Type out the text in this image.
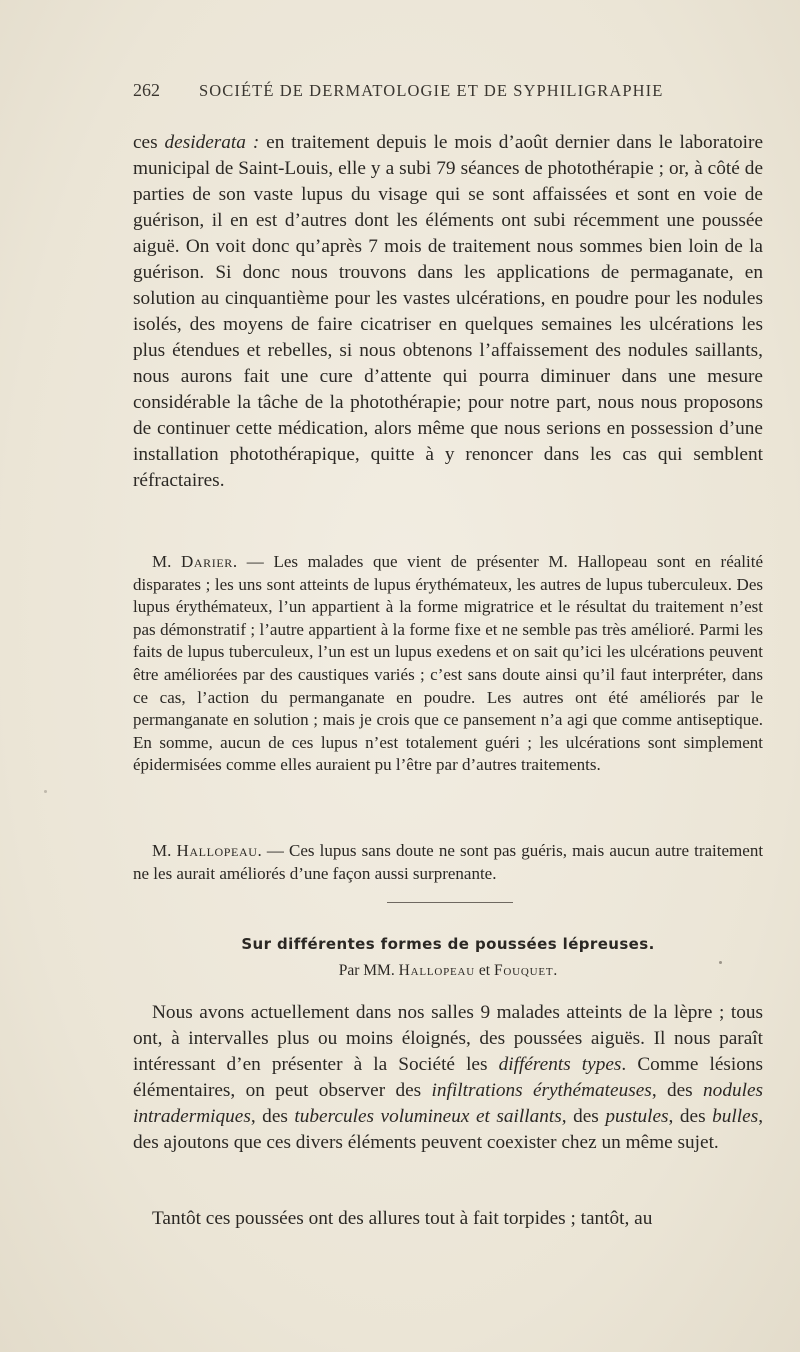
262 SOCIÉTÉ DE DERMATOLOGIE ET DE SYPHILIGRAPHIE

ces desiderata : en traitement depuis le mois d’août dernier dans le laboratoire municipal de Saint-Louis, elle y a subi 79 séances de photothérapie ; or, à côté de parties de son vaste lupus du visage qui se sont affaissées et sont en voie de guérison, il en est d’autres dont les éléments ont subi récemment une poussée aiguë. On voit donc qu’après 7 mois de traitement nous sommes bien loin de la guérison. Si donc nous trouvons dans les applications de permaganate, en solution au cinquantième pour les vastes ulcérations, en poudre pour les nodules isolés, des moyens de faire cicatriser en quelques semaines les ulcérations les plus étendues et rebelles, si nous obtenons l’affaissement des nodules saillants, nous aurons fait une cure d’attente qui pourra diminuer dans une mesure considérable la tâche de la photothérapie; pour notre part, nous nous proposons de continuer cette médication, alors même que nous serions en possession d’une installation photothérapique, quitte à y renoncer dans les cas qui semblent réfractaires.

M. Darier. — Les malades que vient de présenter M. Hallopeau sont en réalité disparates ; les uns sont atteints de lupus érythémateux, les autres de lupus tuberculeux. Des lupus érythémateux, l’un appartient à la forme migratrice et le résultat du traitement n’est pas démonstratif ; l’autre appartient à la forme fixe et ne semble pas très amélioré. Parmi les faits de lupus tuberculeux, l’un est un lupus exedens et on sait qu’ici les ulcérations peuvent être améliorées par des caustiques variés ; c’est sans doute ainsi qu’il faut interpréter, dans ce cas, l’action du permanganate en poudre. Les autres ont été améliorés par le permanganate en solution ; mais je crois que ce pansement n’a agi que comme antiseptique. En somme, aucun de ces lupus n’est totalement guéri ; les ulcérations sont simplement épidermisées comme elles auraient pu l’être par d’autres traitements.

M. Hallopeau. — Ces lupus sans doute ne sont pas guéris, mais aucun autre traitement ne les aurait améliorés d’une façon aussi surprenante.

Sur différentes formes de poussées lépreuses.
Par MM. Hallopeau et Fouquet.

Nous avons actuellement dans nos salles 9 malades atteints de la lèpre ; tous ont, à intervalles plus ou moins éloignés, des poussées aiguës. Il nous paraît intéressant d’en présenter à la Société les différents types. Comme lésions élémentaires, on peut observer des infiltrations érythémateuses, des nodules intradermiques, des tubercules volumineux et saillants, des pustules, des bulles, des ajoutons que ces divers éléments peuvent coexister chez un même sujet.

Tantôt ces poussées ont des allures tout à fait torpides ; tantôt, au
